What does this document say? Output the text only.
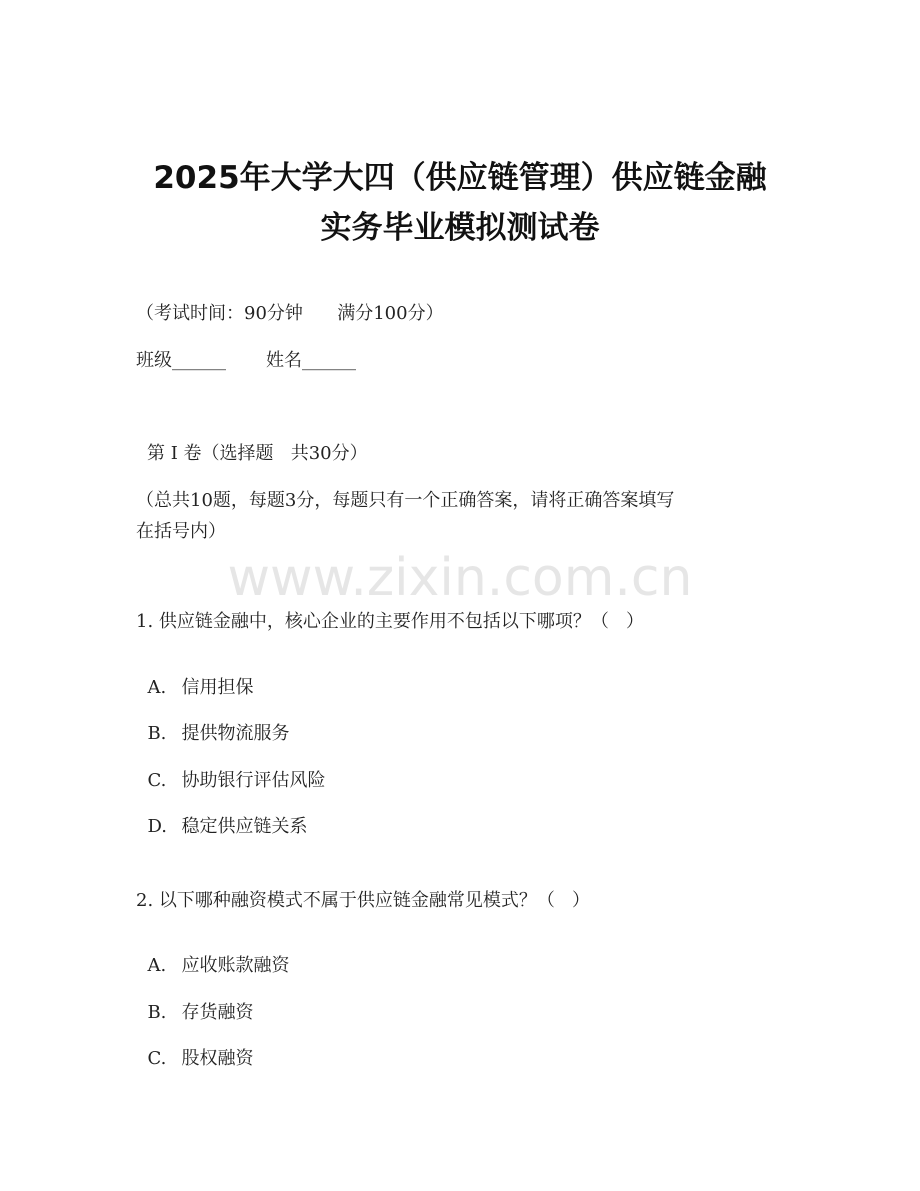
www.zixin.com.cn
2025年大学大四（供应链管理）供应链金融
实务毕业模拟测试卷
（考试时间：90分钟      满分100分）
班级______       姓名______
第 I 卷（选择题   共30分）
（总共10题，每题3分，每题只有一个正确答案，请将正确答案填写
在括号内）
1. 供应链金融中，核心企业的主要作用不包括以下哪项？（   ）

A. 信用担保

B. 提供物流服务

C. 协助银行评估风险

D. 稳定供应链关系

2. 以下哪种融资模式不属于供应链金融常见模式？（   ）

A. 应收账款融资

B. 存货融资

C. 股权融资
